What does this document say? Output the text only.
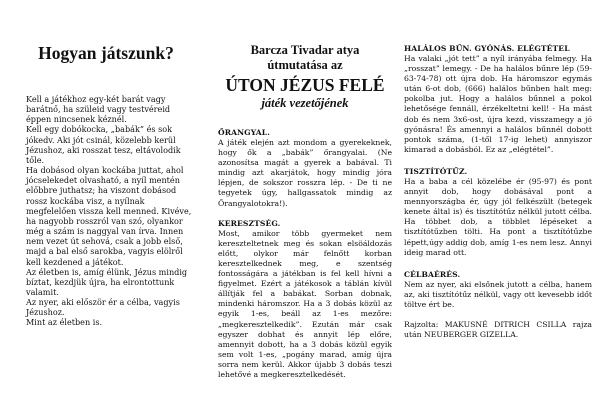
Hogyan játszunk?

Kell a játékhoz egy-két barát vagy barátnő, ha szüleid vagy testvéreid éppen nincsenek kéznél.

Kell egy dobókocka, „babák” és sok jókedv. Aki jót csinál, közelebb kerül Jézushoz, aki rosszat tesz, eltávolodik tőle.

Ha dobásod olyan kockába juttat, ahol jócselekedet olvasható, a nyíl mentén előbbre juthatsz; ha viszont dobásod rossz kockába visz, a nyílnak megfelelően vissza kell menned. Kivéve, ha nagyobb rosszról van szó, olyankor még a szám is naggyal van írva. Innen nem vezet út sehová, csak a jobb első, majd a bal első sarokba, vagyis elölről kell kezdened a játékot.

Az életben is, amíg élünk, Jézus mindig bíztat, kezdjük újra, ha elrontottunk valamit.

Az nyer, aki először ér a célba, vagyis Jézushoz.

Mint az életben is.

Barcza Tivadar atya

útmutatása az

ÚTON JÉZUS FELÉ

játék vezetőjének

ŐRANGYAL.

A játék elején azt mondom a gyerekeknek, hogy ők a „babák” őrangyalai. (Ne azonosítsa magát a gyerek a babával. Ti mindig azt akarjátok, hogy mindig jóra lépjen, de sokszor rosszra lép. - De ti ne tegyetek úgy, hallgassatok mindig az Őrangyalotokra!).

KERESZTSÉG.

Most, amikor több gyermeket nem kereszteltetnek meg és sokan elsöáldozás előtt, olykor már felnőtt korban keresztelkednek meg, e szentség fontosságára a játékban is fel kell hívni a figyelmet. Ezért a játékosok a táblán kívül állítják fel a babákat. Sorban dobnak, mindenki háromszor. Ha a 3 dobás közül az egyik 1-es, beáll az 1-es mezőre: „megkeresztelkedik”. Ezután már csak egyszer dobhat és annyit lép előre, amennyit dobott, ha a 3 dobás közül egyik sem volt 1-es, „pogány marad, amíg újra sorra nem kerül. Akkor újabb 3 dobás teszi lehetővé a megkeresztelkedését.

HALÁLOS BŰN. GYÓNÁS. ELÉGTÉTEL

Ha valaki „jót tett” a nyíl irányába felmegy. Ha „rosszat” lemegy. - De ha halálos bűnre lép (59-63-74-78) ott újra dob. Ha háromszor egymás után 6-ot dob, (666) halálos bűnben halt meg: pokolba jut. Hogy a halálos bűnnel a pokol lehetősége fennáll, érzékeltetni kell! - Ha mást dob és nem 3x6-ost, újra kezd, visszamegy a jó gyónásra! És amennyi a halálos bűnnél dobott pontok száma, (1-től 17-ig lehet) annyiszor kimarad a dobásból. Ez az „elégtétel”.

TISZTÍTÓTŰZ.

Ha a baba a cél közelébe ér (95-97) és pont annyit dob, hogy dobásával pont a mennyországba ér, úgy jól felkészült (betegek kenete által is) és tisztítótűz nélkül jutott célba. Ha többet dob, a többlet lépéseket a tisztítótűzben tölti. Ha pont a tisztítótűzbe lépett,úgy addig dob, amíg 1-es nem lesz. Annyi ideig marad ott.

CÉLBAÉRÉS.

Nem az nyer, aki elsőnek jutott a célba, hanem az, aki tisztítótűz nélkül, vagy ott kevesebb időt töltve ért be.

Rajzolta: MAKUSNÉ DITRICH CSILLA rajza után NEUBERGER GIZELLA.
